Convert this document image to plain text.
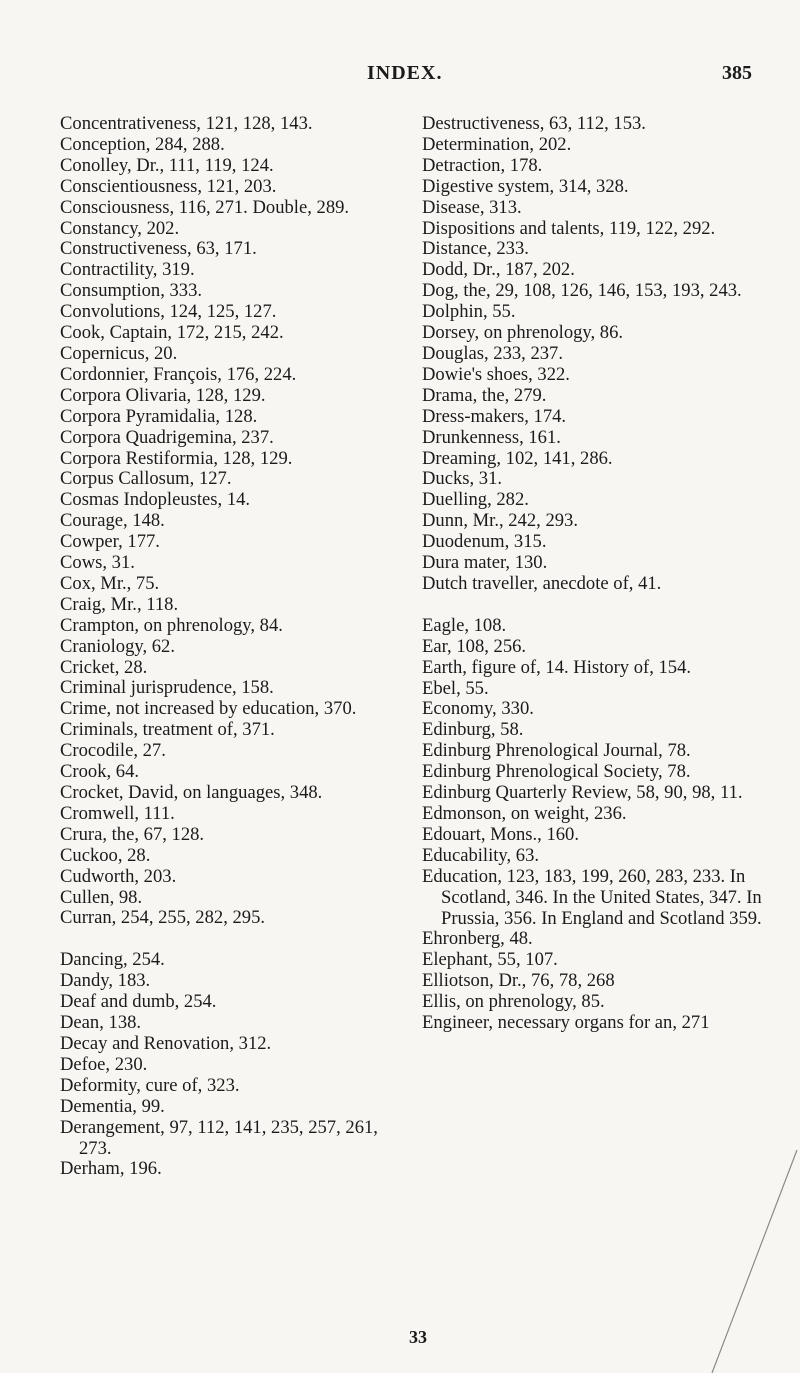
INDEX.	385

Concentrativeness, 121, 128, 143.

Conception, 284, 288.

Conolley, Dr., 111, 119, 124.

Conscientiousness, 121, 203.

Consciousness, 116, 271. Double, 289.

Constancy, 202.

Constructiveness, 63, 171.

Contractility, 319.

Consumption, 333.

Convolutions, 124, 125, 127.

Cook, Captain, 172, 215, 242.

Copernicus, 20.

Cordonnier, François, 176, 224.

Corpora Olivaria, 128, 129.

Corpora Pyramidalia, 128.

Corpora Quadrigemina, 237.

Corpora Restiformia, 128, 129.

Corpus Callosum, 127.

Cosmas Indopleustes, 14.

Courage, 148.

Cowper, 177.

Cows, 31.

Cox, Mr., 75.

Craig, Mr., 118.

Crampton, on phrenology, 84.

Craniology, 62.

Cricket, 28.

Criminal jurisprudence, 158.

Crime, not increased by education, 370.

Criminals, treatment of, 371.

Crocodile, 27.

Crook, 64.

Crocket, David, on languages, 348.

Cromwell, 111.

Crura, the, 67, 128.

Cuckoo, 28.

Cudworth, 203.

Cullen, 98.

Curran, 254, 255, 282, 295.

Dancing, 254.

Dandy, 183.

Deaf and dumb, 254.

Dean, 138.

Decay and Renovation, 312.

Defoe, 230.

Deformity, cure of, 323.

Dementia, 99.

Derangement, 97, 112, 141, 235, 257, 261, 273.

Derham, 196.

Destructiveness, 63, 112, 153.

Determination, 202.

Detraction, 178.

Digestive system, 314, 328.

Disease, 313.

Dispositions and talents, 119, 122, 292.

Distance, 233.

Dodd, Dr., 187, 202.

Dog, the, 29, 108, 126, 146, 153, 193, 243.

Dolphin, 55.

Dorsey, on phrenology, 86.

Douglas, 233, 237.

Dowie's shoes, 322.

Drama, the, 279.

Dress-makers, 174.

Drunkenness, 161.

Dreaming, 102, 141, 286.

Ducks, 31.

Duelling, 282.

Dunn, Mr., 242, 293.

Duodenum, 315.

Dura mater, 130.

Dutch traveller, anecdote of, 41.

Eagle, 108.

Ear, 108, 256.

Earth, figure of, 14. History of, 154.

Ebel, 55.

Economy, 330.

Edinburg, 58.

Edinburg Phrenological Journal, 78.

Edinburg Phrenological Society, 78.

Edinburg Quarterly Review, 58, 90, 98, 11.

Edmonson, on weight, 236.

Edouart, Mons., 160.

Educability, 63.

Education, 123, 183, 199, 260, 283, 233. In Scotland, 346. In the United States, 347. In Prussia, 356. In England and Scotland 359.

Ehronberg, 48.

Elephant, 55, 107.

Elliotson, Dr., 76, 78, 268

Ellis, on phrenology, 85.

Engineer, necessary organs for an, 271

33
